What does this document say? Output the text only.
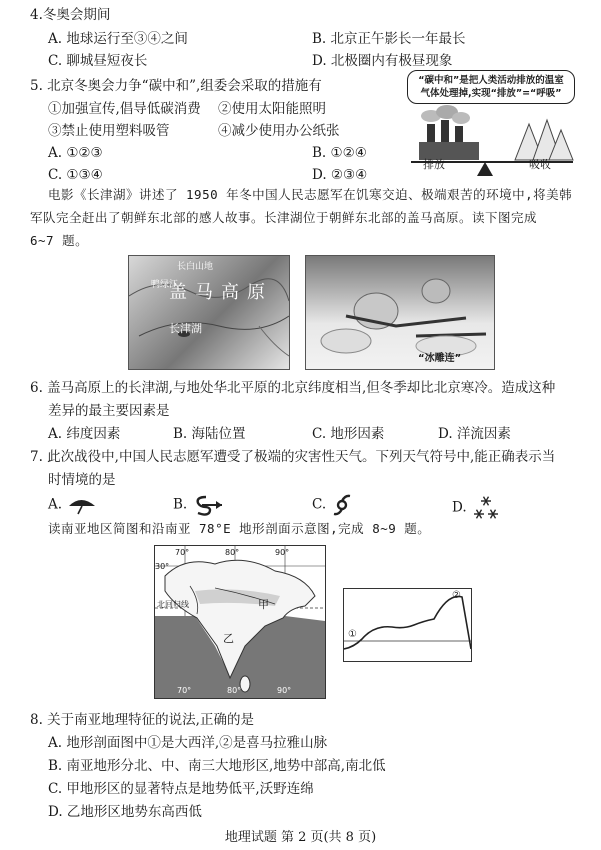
4.冬奥会期间
A. 地球运行至③④之间	B. 北京正午影长一年最长
C. 聊城昼短夜长	D. 北极圈内有极昼现象
5. 北京冬奥会力争“碳中和”,组委会采取的措施有
①加强宣传,倡导低碳消费 ②使用太阳能照明
③禁止使用塑料吸管	④减少使用办公纸张
A. ①②③	B. ①②④
C. ①③④	D. ②③④
“碳中和”是把人类活动排放的温室
气体处理掉,实现“排放”=“呼吸”
排放	吸收
电影《长津湖》讲述了 1950 年冬中国人民志愿军在饥寒交迫、极端艰苦的环境中,将美韩
军队完全赶出了朝鲜东北部的感人故事。长津湖位于朝鲜东北部的盖马高原。读下图完成
6~7 题。
长白山地
鸭绿江
盖马高原
长津湖
“冰雕连”
6. 盖马高原上的长津湖,与地处华北平原的北京纬度相当,但冬季却比北京寒冷。造成这种
差异的最主要因素是
A. 纬度因素	B. 海陆位置	C. 地形因素	D. 洋流因素
7. 此次战役中,中国人民志愿军遭受了极端的灾害性天气。下列天气符号中,能正确表示当
时情境的是
A.	B.	C.	D.
读南亚地区简图和沿南亚 78°E 地形剖面示意图,完成 8~9 题。
北回归线	甲
乙
70°	80°	90°
30°
70°	80°	90°
①
②
8. 关于南亚地理特征的说法,正确的是
A. 地形剖面图中①是大西洋,②是喜马拉雅山脉
B. 南亚地形分北、中、南三大地形区,地势中部高,南北低
C. 甲地形区的显著特点是地势低平,沃野连绵
D. 乙地形区地势东高西低
地理试题 第 2 页(共 8 页)
